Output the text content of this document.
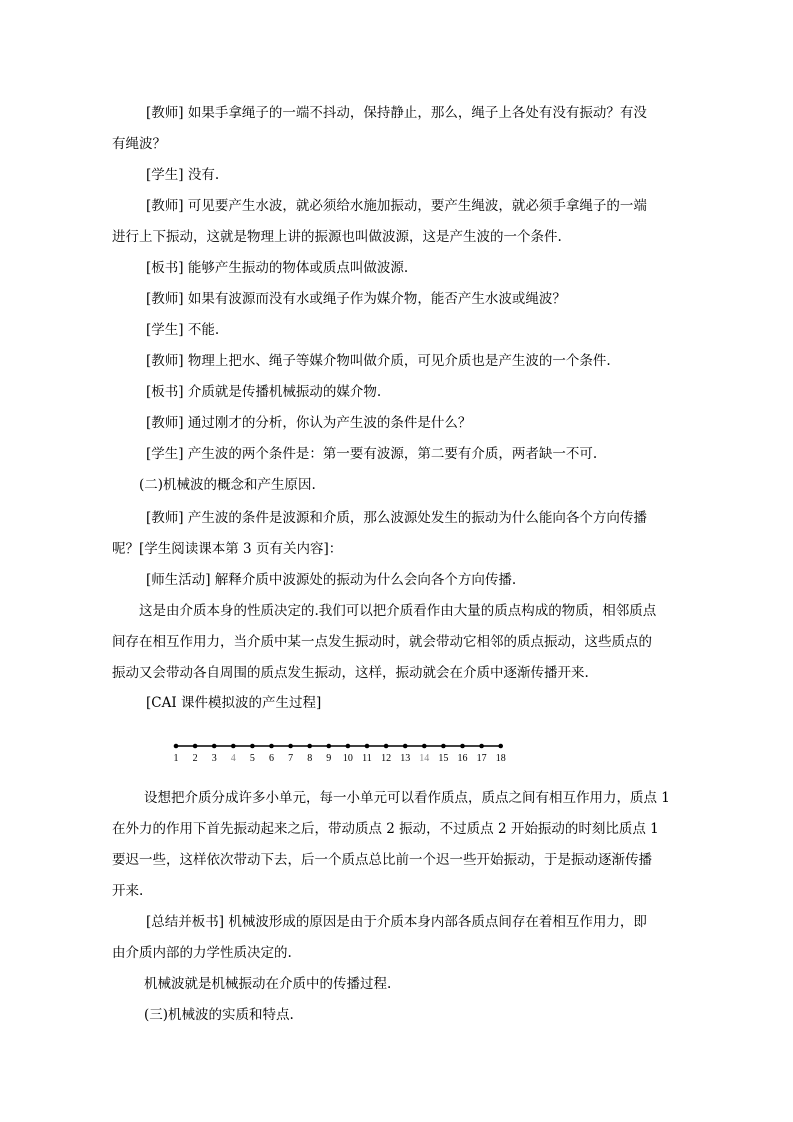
[教师] 如果手拿绳子的一端不抖动，保持静止，那么，绳子上各处有没有振动？有没
有绳波？
[学生] 没有.
[教师] 可见要产生水波，就必须给水施加振动，要产生绳波，就必须手拿绳子的一端
进行上下振动，这就是物理上讲的振源也叫做波源，这是产生波的一个条件.
[板书] 能够产生振动的物体或质点叫做波源.
[教师] 如果有波源而没有水或绳子作为媒介物，能否产生水波或绳波？
[学生] 不能.
[教师] 物理上把水、绳子等媒介物叫做介质，可见介质也是产生波的一个条件.
[板书] 介质就是传播机械振动的媒介物.
[教师] 通过刚才的分析，你认为产生波的条件是什么？
[学生] 产生波的两个条件是：第一要有波源，第二要有介质，两者缺一不可.
(二)机械波的概念和产生原因.
[教师] 产生波的条件是波源和介质，那么波源处发生的振动为什么能向各个方向传播
呢？[学生阅读课本第 3 页有关内容]：
[师生活动] 解释介质中波源处的振动为什么会向各个方向传播.
这是由介质本身的性质决定的.我们可以把介质看作由大量的质点构成的物质，相邻质点
间存在相互作用力，当介质中某一点发生振动时，就会带动它相邻的质点振动，这些质点的
振动又会带动各自周围的质点发生振动，这样，振动就会在介质中逐渐传播开来.
[CAI 课件模拟波的产生过程]
1 2 3 4 5 6 7 8 9 10 11 12 13 14 15 16 17 18
设想把介质分成许多小单元，每一小单元可以看作质点，质点之间有相互作用力，质点 1
在外力的作用下首先振动起来之后，带动质点 2 振动，不过质点 2 开始振动的时刻比质点 1
要迟一些，这样依次带动下去，后一个质点总比前一个迟一些开始振动，于是振动逐渐传播
开来.
[总结并板书] 机械波形成的原因是由于介质本身内部各质点间存在着相互作用力，即
由介质内部的力学性质决定的.
机械波就是机械振动在介质中的传播过程.
(三)机械波的实质和特点.
